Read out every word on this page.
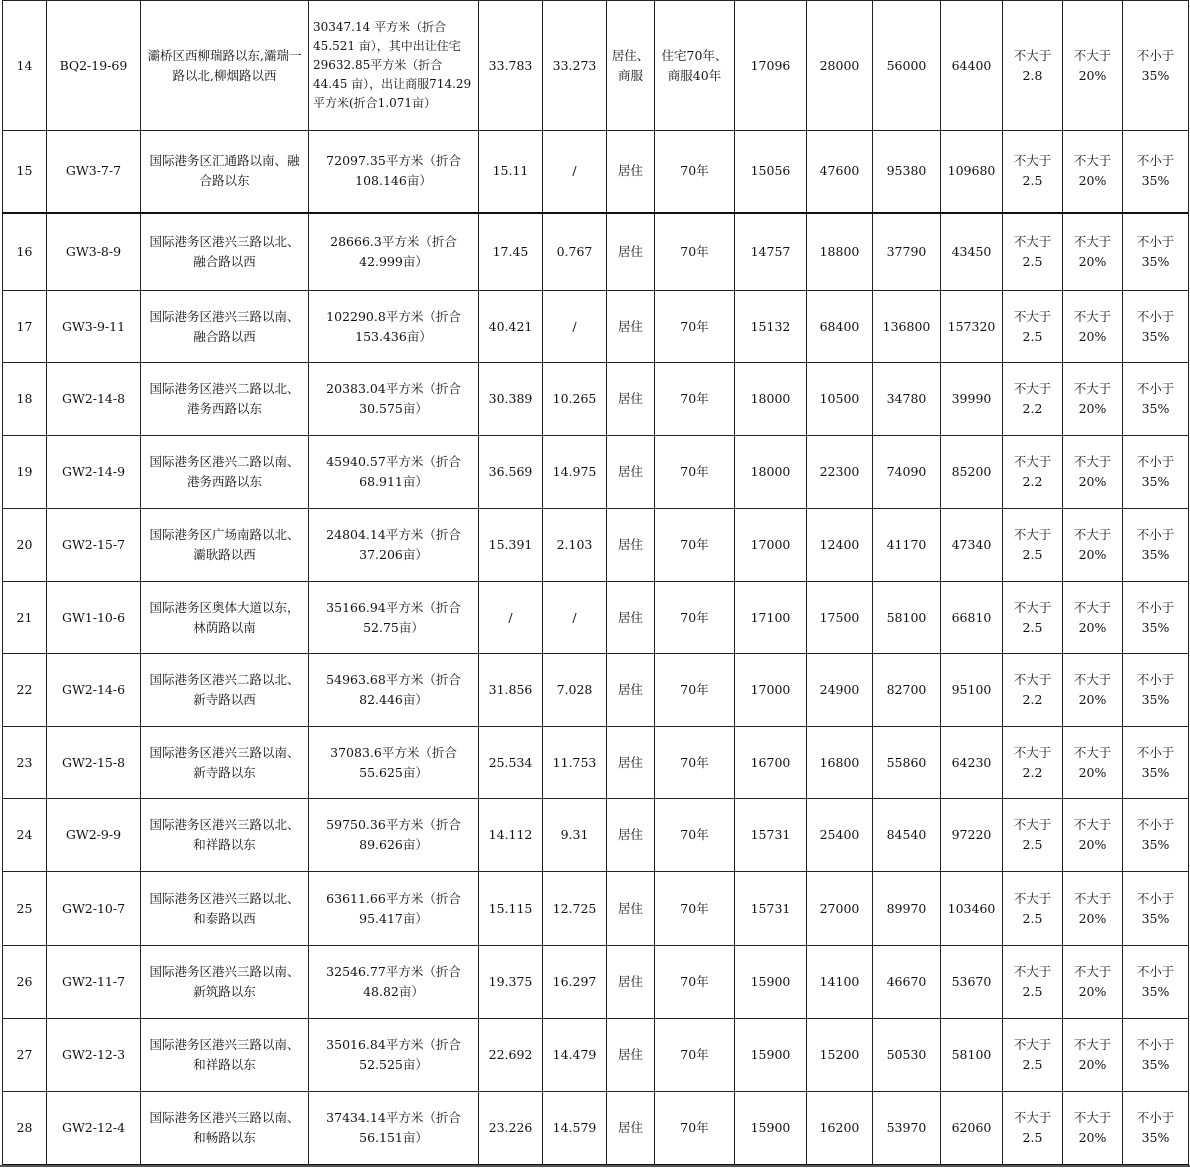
14	BQ2-19-69	灞桥区西柳瑞路以东,灞瑞一路以北,柳烟路以西	30347.14 平方米（折合45.521 亩），其中出让住宅29632.85平方米（折合44.45 亩），出让商服714.29平方米(折合1.071亩）	33.783	33.273	居住、商服	住宅70年、商服40年	17096	28000	56000	64400	不大于2.8	不大于20%	不小于35%
15	GW3-7-7	国际港务区汇通路以南、融合路以东	72097.35平方米（折合108.146亩）	15.11	/	居住	70年	15056	47600	95380	109680	不大于2.5	不大于20%	不小于35%
16	GW3-8-9	国际港务区港兴三路以北、融合路以西	28666.3平方米（折合42.999亩）	17.45	0.767	居住	70年	14757	18800	37790	43450	不大于2.5	不大于20%	不小于35%
17	GW3-9-11	国际港务区港兴三路以南、融合路以西	102290.8平方米（折合153.436亩）	40.421	/	居住	70年	15132	68400	136800	157320	不大于2.5	不大于20%	不小于35%
18	GW2-14-8	国际港务区港兴二路以北、港务西路以东	20383.04平方米（折合30.575亩）	30.389	10.265	居住	70年	18000	10500	34780	39990	不大于2.2	不大于20%	不小于35%
19	GW2-14-9	国际港务区港兴二路以南、港务西路以东	45940.57平方米（折合68.911亩）	36.569	14.975	居住	70年	18000	22300	74090	85200	不大于2.2	不大于20%	不小于35%
20	GW2-15-7	国际港务区广场南路以北、灞耿路以西	24804.14平方米（折合37.206亩）	15.391	2.103	居住	70年	17000	12400	41170	47340	不大于2.5	不大于20%	不小于35%
21	GW1-10-6	国际港务区奥体大道以东，林荫路以南	35166.94平方米（折合52.75亩）	/	/	居住	70年	17100	17500	58100	66810	不大于2.5	不大于20%	不小于35%
22	GW2-14-6	国际港务区港兴二路以北、新寺路以西	54963.68平方米（折合82.446亩）	31.856	7.028	居住	70年	17000	24900	82700	95100	不大于2.2	不大于20%	不小于35%
23	GW2-15-8	国际港务区港兴三路以南、新寺路以东	37083.6平方米（折合55.625亩）	25.534	11.753	居住	70年	16700	16800	55860	64230	不大于2.2	不大于20%	不小于35%
24	GW2-9-9	国际港务区港兴三路以北、和祥路以东	59750.36平方米（折合89.626亩）	14.112	9.31	居住	70年	15731	25400	84540	97220	不大于2.5	不大于20%	不小于35%
25	GW2-10-7	国际港务区港兴三路以北、和泰路以西	63611.66平方米（折合95.417亩）	15.115	12.725	居住	70年	15731	27000	89970	103460	不大于2.5	不大于20%	不小于35%
26	GW2-11-7	国际港务区港兴三路以南、新筑路以东	32546.77平方米（折合48.82亩）	19.375	16.297	居住	70年	15900	14100	46670	53670	不大于2.5	不大于20%	不小于35%
27	GW2-12-3	国际港务区港兴三路以南、和祥路以东	35016.84平方米（折合52.525亩）	22.692	14.479	居住	70年	15900	15200	50530	58100	不大于2.5	不大于20%	不小于35%
28	GW2-12-4	国际港务区港兴三路以南、和畅路以东	37434.14平方米（折合56.151亩）	23.226	14.579	居住	70年	15900	16200	53970	62060	不大于2.5	不大于20%	不小于35%
